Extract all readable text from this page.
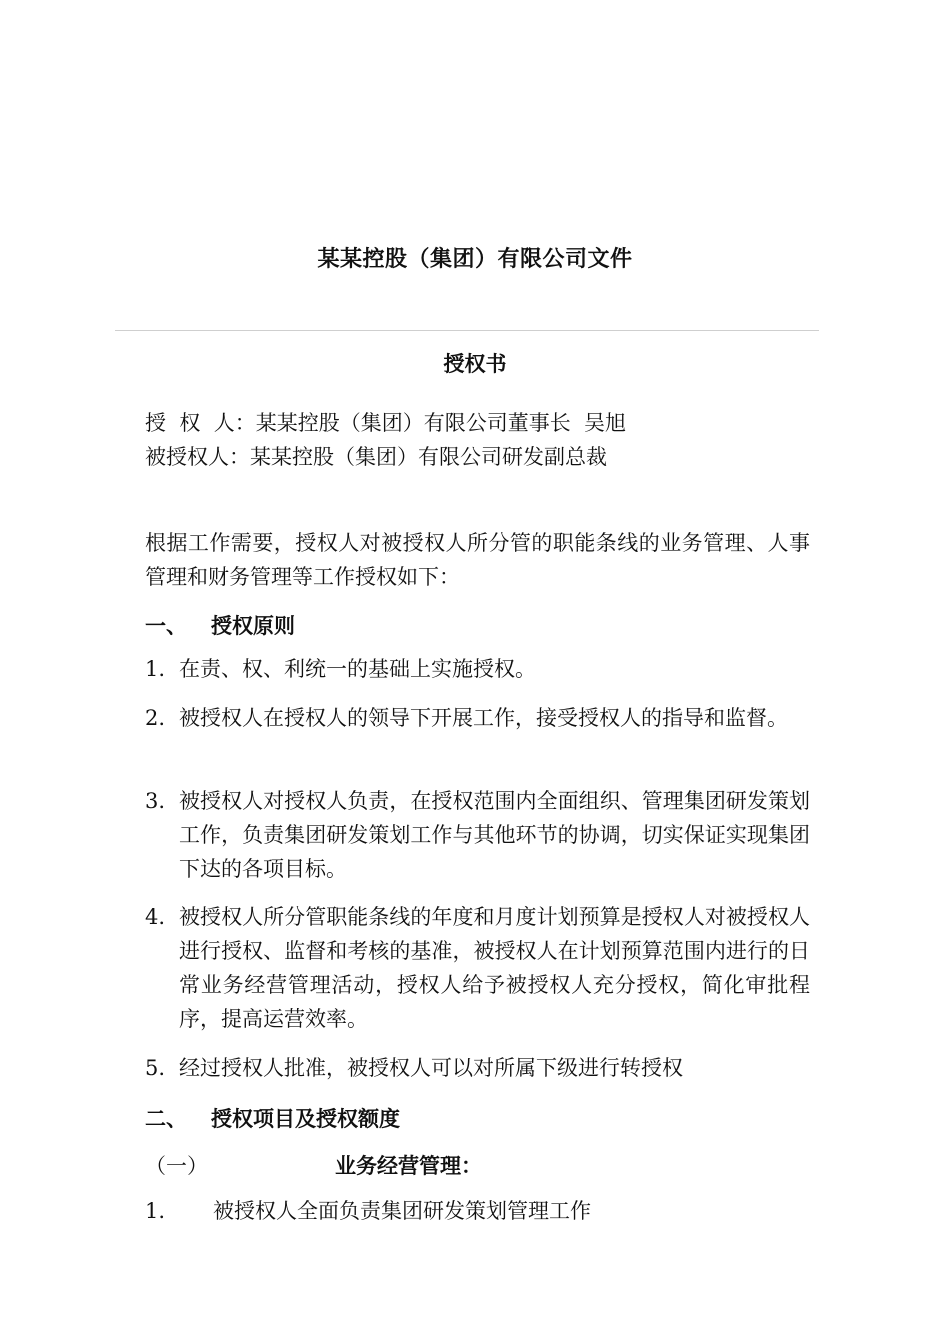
某某控股（集团）有限公司文件
授权书
授  权  人：某某控股（集团）有限公司董事长  吴旭
被授权人：某某控股（集团）有限公司研发副总裁
根据工作需要，授权人对被授权人所分管的职能条线的业务管理、人事管理和财务管理等工作授权如下：
一、 授权原则
1. 在责、权、利统一的基础上实施授权。
2. 被授权人在授权人的领导下开展工作，接受授权人的指导和监督。
3. 被授权人对授权人负责，在授权范围内全面组织、管理集团研发策划工作，负责集团研发策划工作与其他环节的协调，切实保证实现集团下达的各项目标。
4. 被授权人所分管职能条线的年度和月度计划预算是授权人对被授权人进行授权、监督和考核的基准，被授权人在计划预算范围内进行的日常业务经营管理活动，授权人给予被授权人充分授权，简化审批程序，提高运营效率。
5. 经过授权人批准，被授权人可以对所属下级进行转授权
二、 授权项目及授权额度
（一）	业务经营管理：
1. 被授权人全面负责集团研发策划管理工作
